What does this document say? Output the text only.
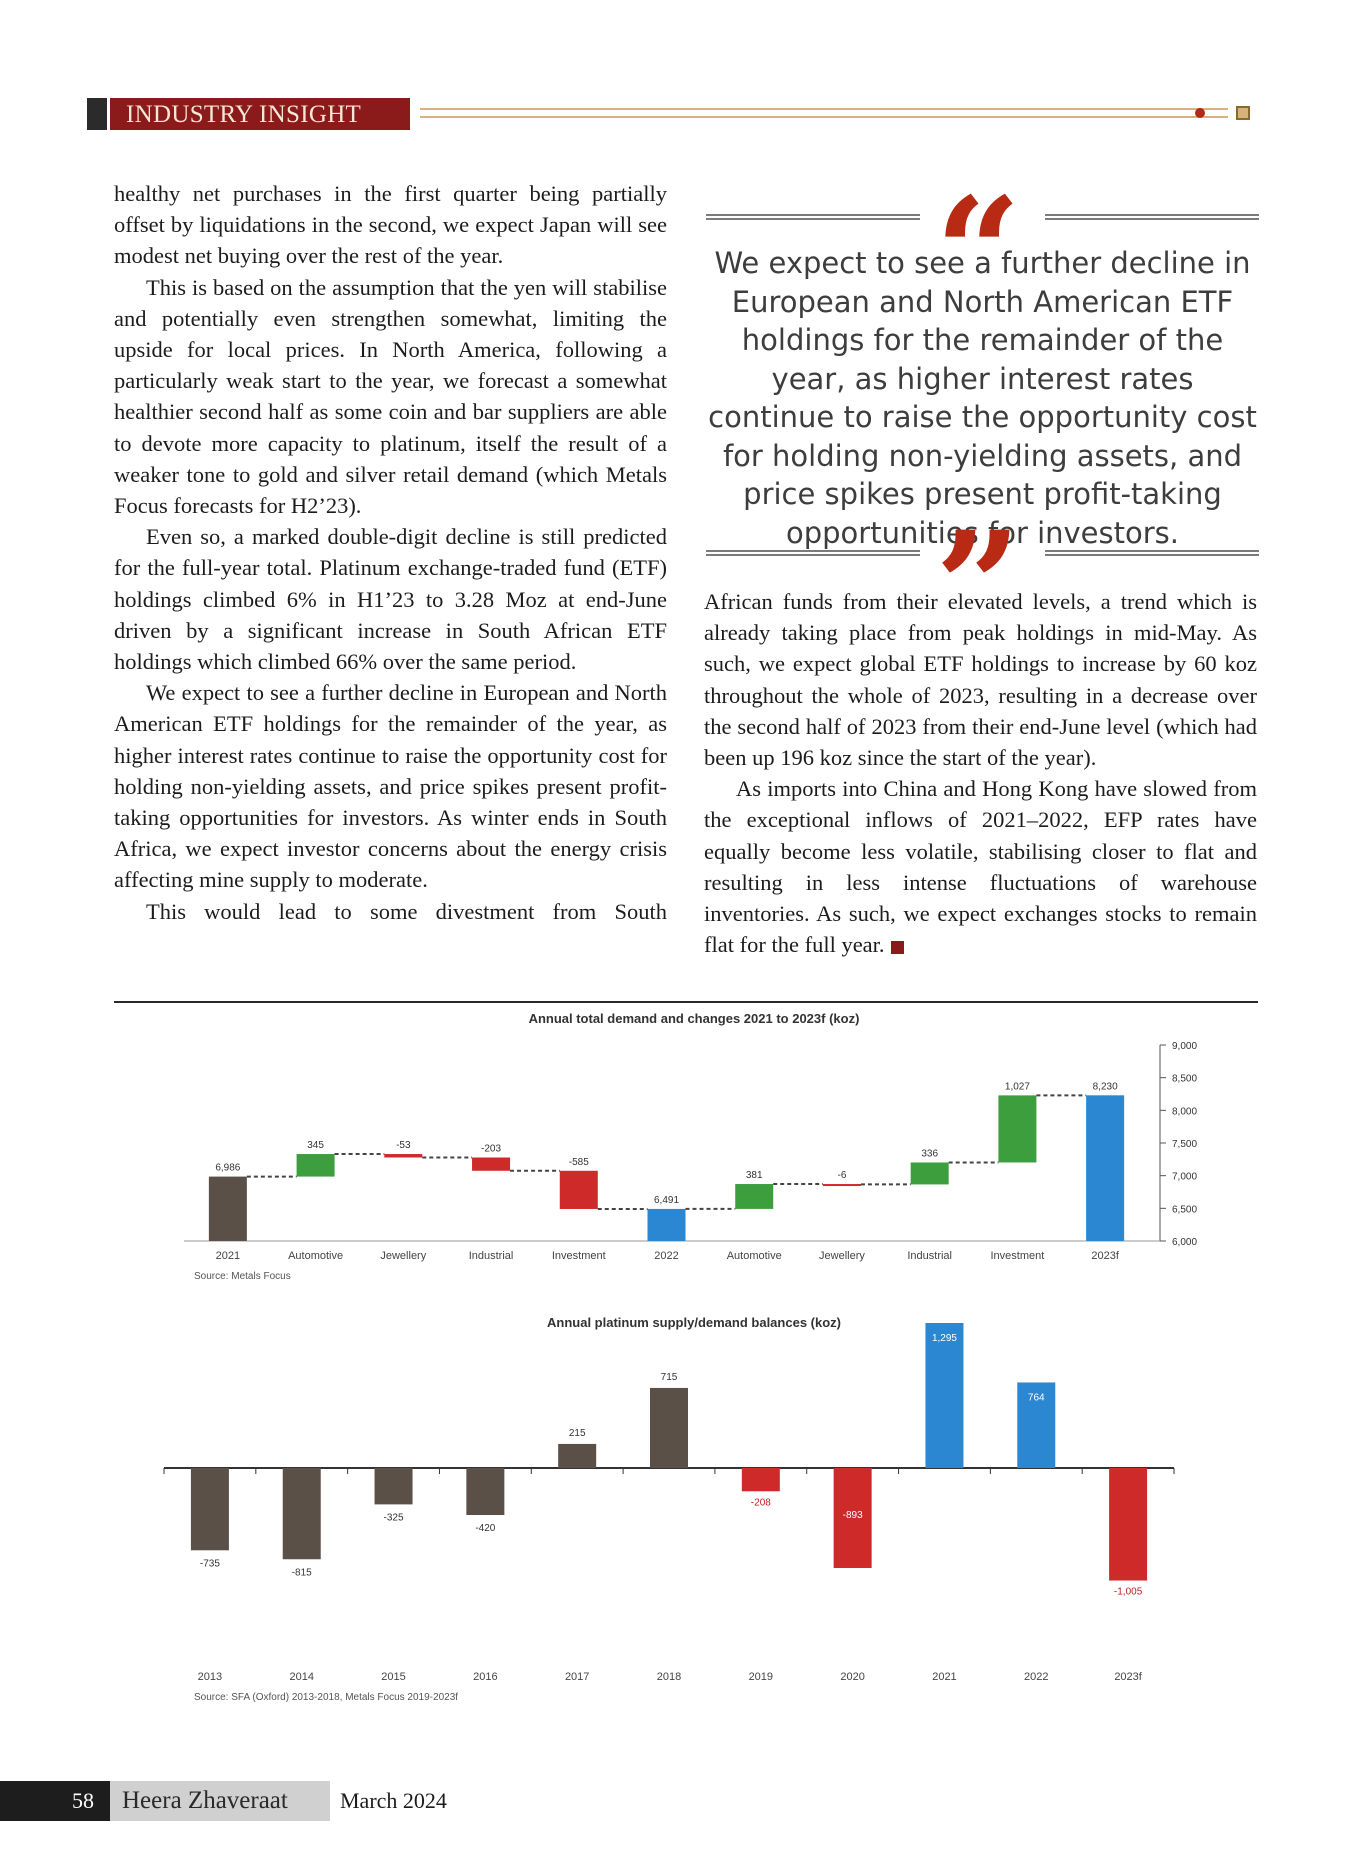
INDUSTRY INSIGHT

healthy net purchases in the first quarter being partially offset by liquidations in the second, we expect Japan will see modest net buying over the rest of the year.

This is based on the assumption that the yen will stabilise and potentially even strengthen somewhat, limiting the upside for local prices. In North America, following a particularly weak start to the year, we forecast a somewhat healthier second half as some coin and bar suppliers are able to devote more capacity to platinum, itself the result of a weaker tone to gold and silver retail demand (which Metals Focus forecasts for H2’23).

Even so, a marked double-digit decline is still predicted for the full-year total. Platinum exchange-traded fund (ETF) holdings climbed 6% in H1’23 to 3.28 Moz at end-June driven by a significant increase in South African ETF holdings which climbed 66% over the same period.

We expect to see a further decline in European and North American ETF holdings for the remainder of the year, as higher interest rates continue to raise the opportunity cost for holding non-yielding assets, and price spikes present profit-taking opportunities for investors. As winter ends in South Africa, we expect investor concerns about the energy crisis affecting mine supply to moderate.

This would lead to some divestment from South

“
We expect to see a further decline in European and North American ETF holdings for the remainder of the year, as higher interest rates continue to raise the opportunity cost for holding non-yielding assets, and price spikes present profit-taking opportunities for investors.
”

African funds from their elevated levels, a trend which is already taking place from peak holdings in mid-May. As such, we expect global ETF holdings to increase by 60 koz throughout the whole of 2023, resulting in a decrease over the second half of 2023 from their end-June level (which had been up 196 koz since the start of the year).

As imports into China and Hong Kong have slowed from the exceptional inflows of 2021–2022, EFP rates have equally become less volatile, stabilising closer to flat and resulting in less intense fluctuations of warehouse inventories. As such, we expect exchanges stocks to remain flat for the full year.

Annual total demand and changes 2021 to 2023f (koz)
6,000
6,500
7,000
7,500
8,000
8,500
9,000
6,986
2021
345
Automotive
-53
Jewellery
-203
Industrial
-585
Investment
6,491
2022
381
Automotive
-6
Jewellery
336
Industrial
1,027
Investment
8,230
2023f
Source: Metals Focus
Annual platinum supply/demand balances (koz)
-735
2013
-815
2014
-325
2015
-420
2016
215
2017
715
2018
-208
2019
-893
2020
1,295
2021
764
2022
-1,005
2023f
Source: SFA (Oxford) 2013-2018, Metals Focus 2019-2023f
58	Heera Zhaveraat	March 2024
